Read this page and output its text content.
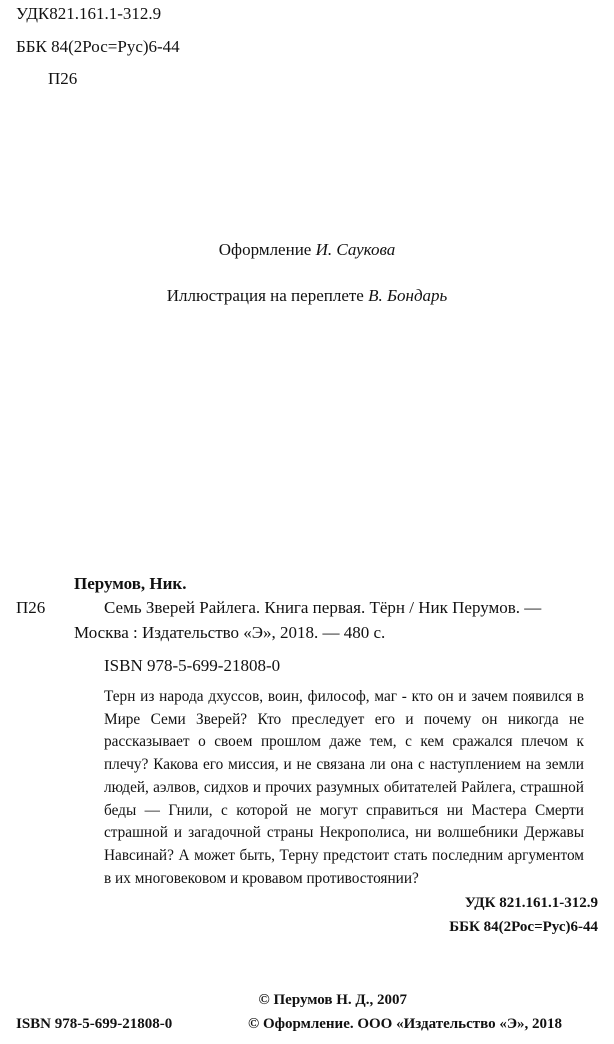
УДК821.161.1-312.9
ББК 84(2Рос=Рус)6-44
П26
Оформление И. Саукова
Иллюстрация на переплете В. Бондарь
Перумов, Ник.
П26	Семь Зверей Райлега. Книга первая. Тёрн / Ник Перумов. —
Москва : Издательство «Э», 2018. — 480 с.
ISBN 978-5-699-21808-0
Терн из народа дхуссов, воин, философ, маг - кто он и зачем появился в Мире Семи Зверей? Кто преследует его и почему он никогда не рассказывает о своем прошлом даже тем, с кем сражался плечом к плечу? Какова его миссия, и не связана ли она с наступлением на земли людей, аэлвов, сидхов и прочих разумных обитателей Райлега, страшной беды — Гнили, с которой не могут справиться ни Мастера Смерти страшной и загадочной страны Некрополиса, ни волшебники Державы Навсинай? А может быть, Терну предстоит стать последним аргументом в их многовековом и кровавом противостоянии?
УДК 821.161.1-312.9
ББК 84(2Рос=Рус)6-44
© Перумов Н. Д., 2007
ISBN 978-5-699-21808-0	© Оформление. ООО «Издательство «Э», 2018
